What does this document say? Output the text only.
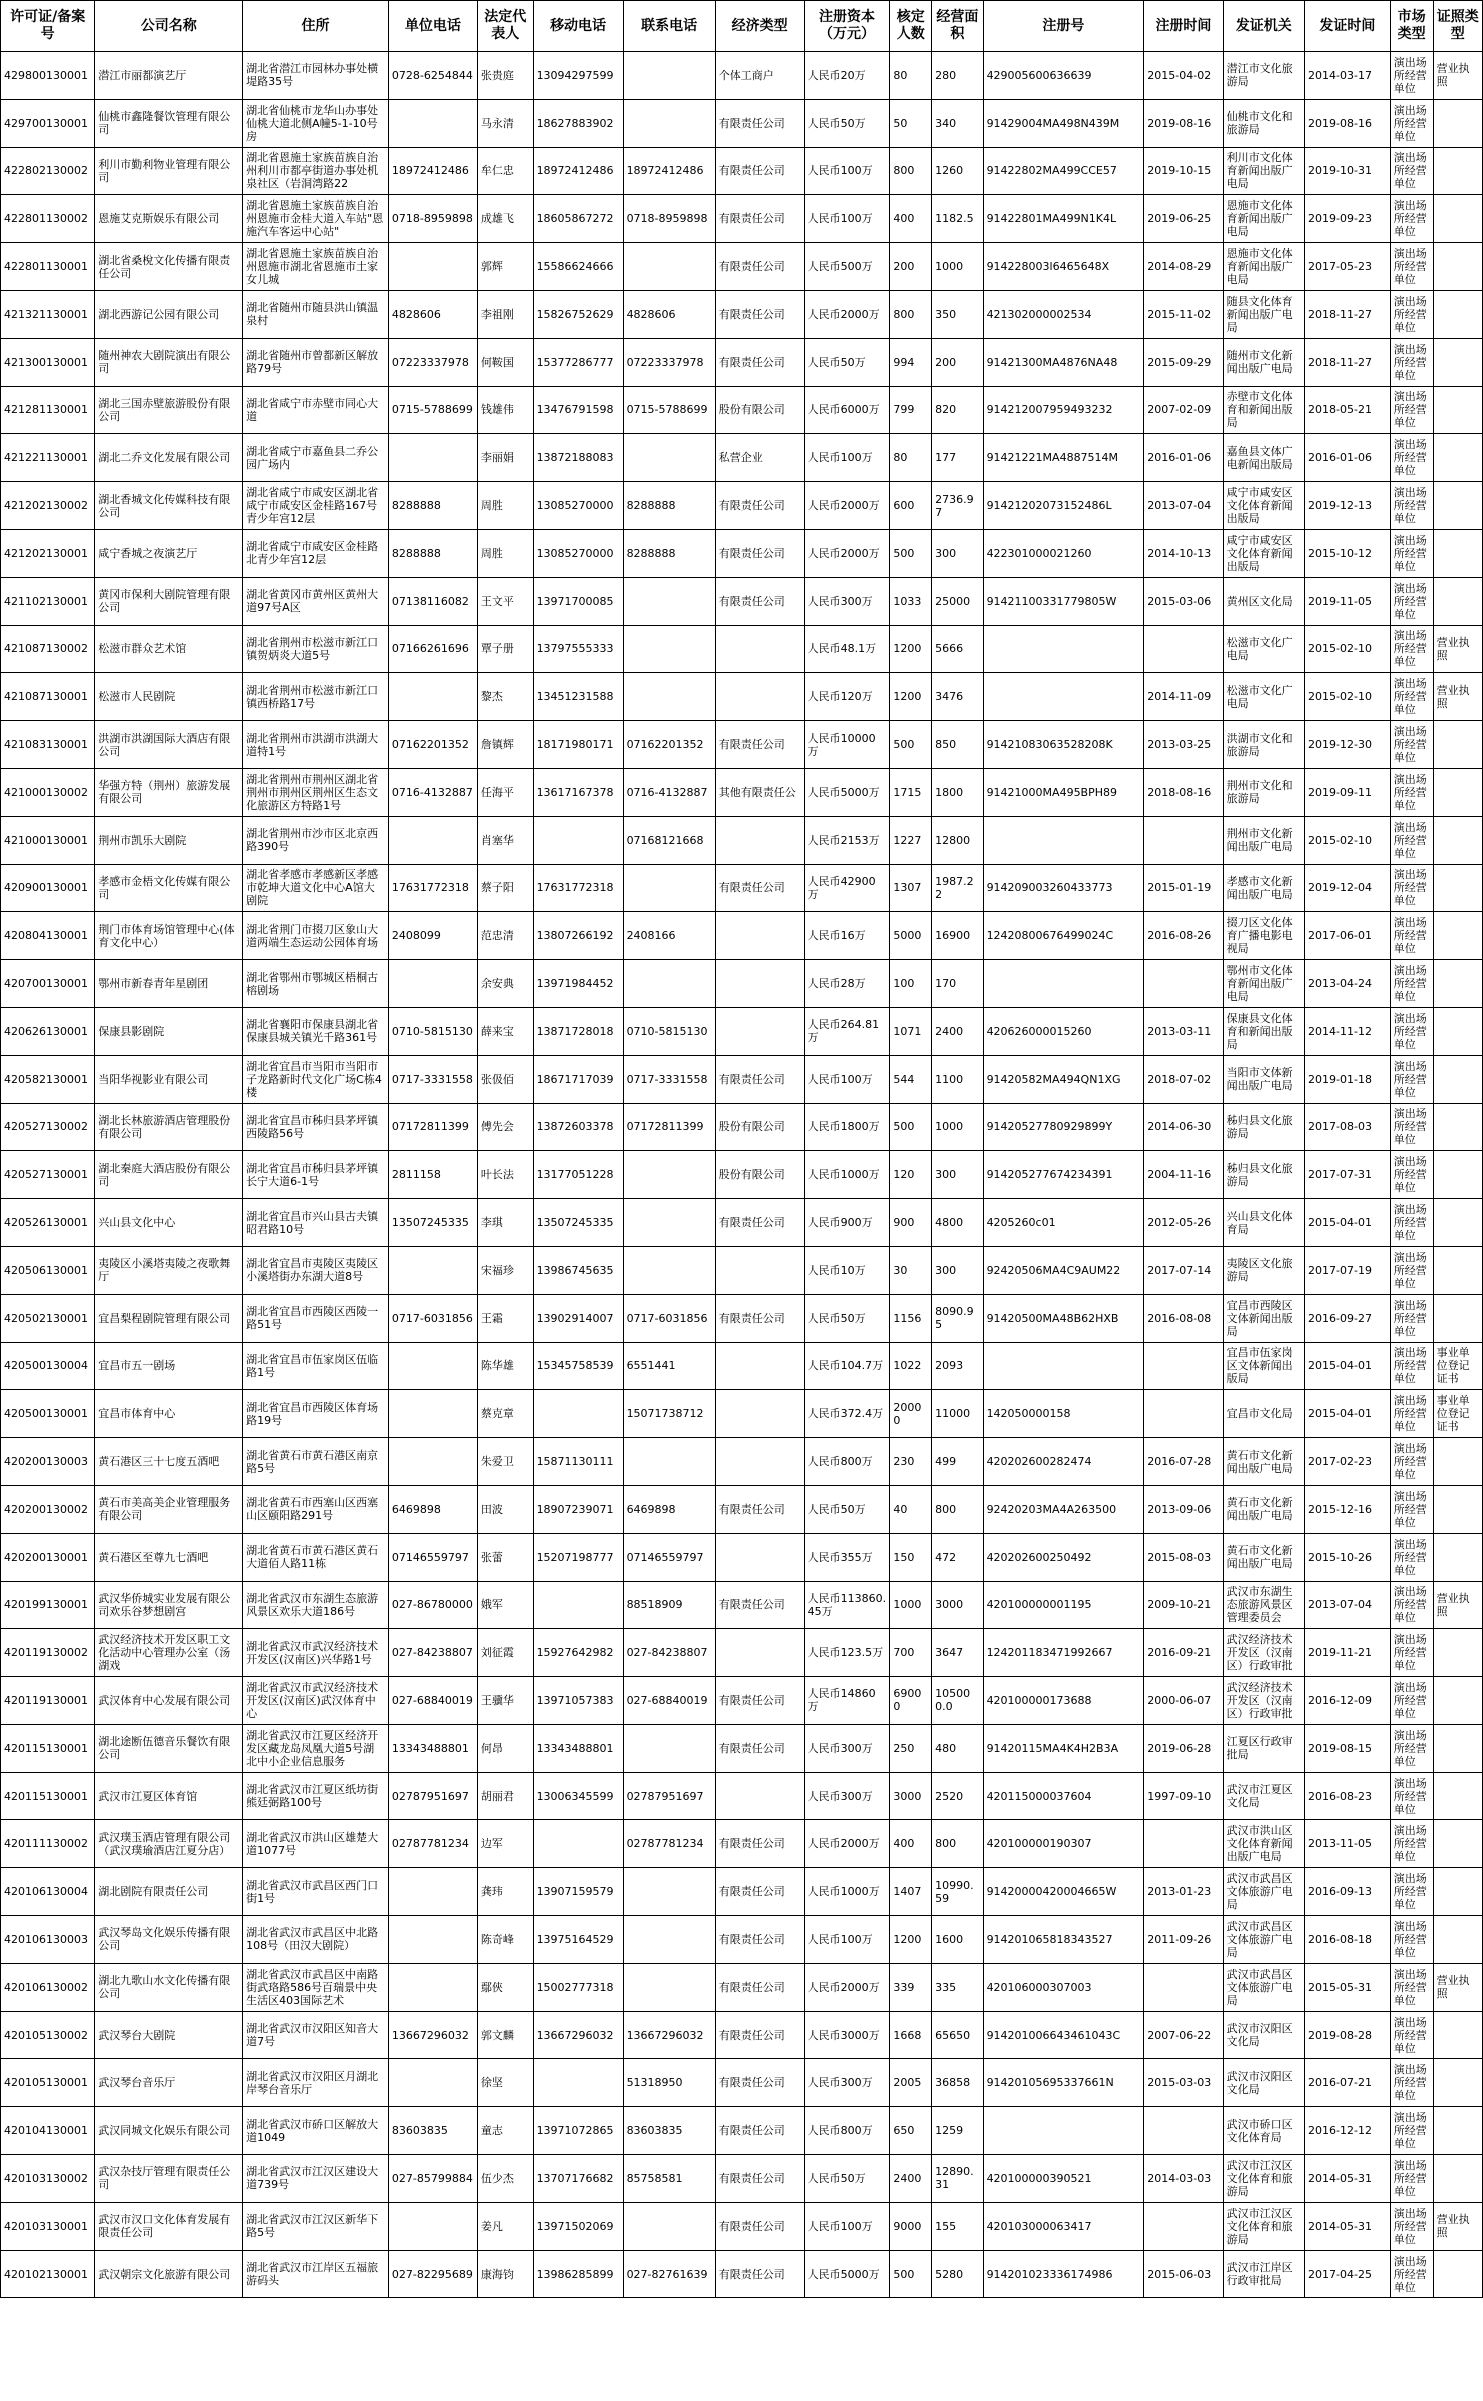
许可证/备案号	公司名称	住所	单位电话	法定代表人	移动电话	联系电话	经济类型	注册资本（万元）	核定人数	经营面积	注册号	注册时间	发证机关	发证时间	市场类型	证照类型
429800130001	潜江市丽都演艺厅	湖北省潜江市园林办事处横堤路35号	0728-6254844	张贵庭	13094297599		个体工商户	人民币20万	80	280	429005600636639	2015-04-02	潜江市文化旅游局	2014-03-17	演出场所经营单位	营业执照
429700130001	仙桃市鑫隆餐饮管理有限公司	湖北省仙桃市龙华山办事处仙桃大道北侧A幢5-1-10号房		马永清	18627883902		有限责任公司	人民币50万	50	340	91429004MA498N439M	2019-08-16	仙桃市文化和旅游局	2019-08-16	演出场所经营单位	
422802130002	利川市勤利物业管理有限公司	湖北省恩施土家族苗族自治州利川市都亭街道办事处机泉社区（岩洞湾路22	18972412486	牟仁忠	18972412486	18972412486	有限责任公司	人民币100万	800	1260	91422802MA499CCE57	2019-10-15	利川市文化体育新闻出版广电局	2019-10-31	演出场所经营单位	
422801130002	恩施艾克斯娱乐有限公司	湖北省恩施土家族苗族自治州恩施市金桂大道入车站"恩施汽车客运中心站"	0718-8959898	成雄飞	18605867272	0718-8959898	有限责任公司	人民币100万	400	1182.5	91422801MA499N1K4L	2019-06-25	恩施市文化体育新闻出版广电局	2019-09-23	演出场所经营单位	
422801130001	湖北省桑梲文化传播有限责任公司	湖北省恩施土家族苗族自治州恩施市湖北省恩施市土家女儿城		郭辉	15586624666		有限责任公司	人民币500万	200	1000	914228003l6465648X	2014-08-29	恩施市文化体育新闻出版广电局	2017-05-23	演出场所经营单位	
421321130001	湖北西游记公园有限公司	湖北省随州市随县洪山镇温泉村	4828606	李祖刚	15826752629	4828606	有限责任公司	人民币2000万	800	350	421302000002534	2015-11-02	随县文化体育新闻出版广电局	2018-11-27	演出场所经营单位	
421300130001	随州神农大剧院演出有限公司	湖北省随州市曾都新区解放路79号	07223337978	何鞍国	15377286777	07223337978	有限责任公司	人民币50万	994	200	91421300MA4876NA48	2015-09-29	随州市文化新闻出版广电局	2018-11-27	演出场所经营单位	
421281130001	湖北三国赤壁旅游股份有限公司	湖北省咸宁市赤壁市同心大道	0715-5788699	钱雄伟	13476791598	0715-5788699	股份有限公司	人民币6000万	799	820	91421200795949323​2	2007-02-09	赤壁市文化体育和新闻出版局	2018-05-21	演出场所经营单位	
421221130001	湖北二乔文化发展有限公司	湖北省咸宁市嘉鱼县二乔公园广场内		李丽娟	13872188083		私营企业	人民币100万	80	177	91421221MA4887514M	2016-01-06	嘉鱼县文体广电新闻出版局	2016-01-06	演出场所经营单位	
421202130002	湖北香城文化传媒科技有限公司	湖北省咸宁市咸安区湖北省咸宁市咸安区金桂路167号青少年宫12层	8288888	周胜	13085270000	8288888	有限责任公司	人民币2000万	600	2736.97	91421202073152486L	2013-07-04	咸宁市咸安区文化体育新闻出版局	2019-12-13	演出场所经营单位	
421202130001	咸宁香城之夜演艺厅	湖北省咸宁市咸安区金桂路北青少年宫12层	8288888	周胜	13085270000	8288888	有限责任公司	人民币2000万	500	300	422301000021260	2014-10-13	咸宁市咸安区文化体育新闻出版局	2015-10-12	演出场所经营单位	
421102130001	黄冈市保利大剧院管理有限公司	湖北省黄冈市黄州区黄州大道97号A区	07138116082	王文平	13971700085		有限责任公司	人民币300万	1033	25000	91421100331779805W	2015-03-06	黄州区文化局	2019-11-05	演出场所经营单位	
421087130002	松滋市群众艺术馆	湖北省荆州市松滋市新江口镇贺炳炎大道5号	07166261696	覃子册	13797555333			人民币48.1万	1200	5666			松滋市文化广电局	2015-02-10	演出场所经营单位	营业执照
421087130001	松滋市人民剧院	湖北省荆州市松滋市新江口镇西桥路17号		黎杰	13451231588			人民币120万	1200	3476		2014-11-09	松滋市文化广电局	2015-02-10	演出场所经营单位	营业执照
421083130001	洪湖市洪湖国际大酒店有限公司	湖北省荆州市洪湖市洪湖大道特1号	07162201352	詹镇辉	18171980171	07162201352	有限责任公司	人民币10000万	500	850	91421083063528208K	2013-03-25	洪湖市文化和旅游局	2019-12-30	演出场所经营单位	
421000130002	华强方特（荆州）旅游发展有限公司	湖北省荆州市荆州区湖北省荆州市荆州区荆州区生态文化旅游区方特路1号	0716-4132887	任海平	13617167378	0716-4132887	其他有限责任公	人民币5000万	1715	1800	91421000MA495BPH89	2018-08-16	荆州市文化和旅游局	2019-09-11	演出场所经营单位	
421000130001	荆州市凯乐大剧院	湖北省荆州市沙市区北京西路390号		肖塞华		07168121668		人民币2153万	1227	12800			荆州市文化新闻出版广电局	2015-02-10	演出场所经营单位	
420900130001	孝感市金梧文化传媒有限公司	湖北省孝感市孝感新区孝感市乾坤大道文化中心A馆大剧院	17631772318	蔡子阳	17631772318		有限责任公司	人民币42900万	1307	1987.22	91420900326043377​3	2015-01-19	孝感市文化新闻出版广电局	2019-12-04	演出场所经营单位	
420804130001	荆门市体育场馆管理中心(体育文化中心）	湖北省荆门市掇刀区象山大道两端生态运动公园体育场	2408099	范忠清	13807266192	2408166		人民币16万	5000	16900	12420800676499024C	2016-08-26	掇刀区文化体育广播电影电视局	2017-06-01	演出场所经营单位	
420700130001	鄂州市新春青年星剧团	湖北省鄂州市鄂城区梧桐古榕剧场		余安典	13971984452			人民币28万	100	170			鄂州市文化体育新闻出版广电局	2013-04-24	演出场所经营单位	
420626130001	保康县影剧院	湖北省襄阳市保康县湖北省保康县城关镇光千路361号	0710-5815130	薛来宝	13871728018	0710-5815130		人民币264.81万	1071	2400	420626000015260	2013-03-11	保康县文化体育和新闻出版局	2014-11-12	演出场所经营单位	
420582130001	当阳华视影业有限公司	湖北省宜昌市当阳市当阳市子龙路新时代文化广场C栋4楼	0717-3331558	张伋佰	18671717039	0717-3331558	有限责任公司	人民币100万	544	1100	91420582MA494QN1XG	2018-07-02	当阳市文体新闻出版广电局	2019-01-18	演出场所经营单位	
420527130002	湖北长林旅游酒店管理股份有限公司	湖北省宜昌市秭归县茅坪镇西陵路56号	07172811399	傅先会	13872603378	07172811399	股份有限公司	人民币1800万	500	1000	914205277809298​99Y	2014-06-30	秭归县文化旅游局	2017-08-03	演出场所经营单位	
420527130001	湖北秦庭大酒店股份有限公司	湖北省宜昌市秭归县茅坪镇长宁大道6-1号	2811158	叶长法	13177051228		股份有限公司	人民币1000万	120	300	914205277674234391	2004-11-16	秭归县文化旅游局	2017-07-31	演出场所经营单位	
420526130001	兴山县文化中心	湖北省宜昌市兴山县古夫镇昭君路10号	13507245335	李琪	13507245335		有限责任公司	人民币900万	900	4800	4205260c01	2012-05-26	兴山县文化体育局	2015-04-01	演出场所经营单位	
420506130001	夷陵区小溪塔夷陵之夜歌舞厅	湖北省宜昌市夷陵区夷陵区小溪塔街办东湖大道8号		宋福珍	13986745635			人民币10万	30	300	92420506MA4C9AUM22	2017-07-14	夷陵区文化旅游局	2017-07-19	演出场所经营单位	
420502130001	宜昌梨程剧院管理有限公司	湖北省宜昌市西陵区西陵一路51号	0717-6031856	王霜	13902914007	0717-6031856	有限责任公司	人民币50万	1156	8090.95	91420500MA48B62HXB	2016-08-08	宜昌市西陵区文体新闻出版局	2016-09-27	演出场所经营单位	
420500130004	宜昌市五一剧场	湖北省宜昌市伍家岗区伍临路1号		陈华雄	15345758539	6551441		人民币104.7万	1022	2093			宜昌市伍家岗区文体新闻出版局	2015-04-01	演出场所经营单位	事业单位登记证书
420500130001	宜昌市体育中心	湖北省宜昌市西陵区体育场路19号		蔡克章		15071738712		人民币372.4万	20000	11000	142050000158		宜昌市文化局	2015-04-01	演出场所经营单位	事业单位登记证书
420200130003	黄石港区三十七度五酒吧	湖北省黄石市黄石港区南京路5号		朱爱卫	15871130111			人民币800万	230	499	420202600282474	2016-07-28	黄石市文化新闻出版广电局	2017-02-23	演出场所经营单位	
420200130002	黄石市美高美企业管理服务有限公司	湖北省黄石市西塞山区西塞山区颐阳路291号	6469898	田波	18907239071	6469898	有限责任公司	人民币50万	40	800	92420203MA4A263500	2013-09-06	黄石市文化新闻出版广电局	2015-12-16	演出场所经营单位	
420200130001	黄石港区至尊九七酒吧	湖北省黄石市黄石港区黄石大道佰人路11栋	07146559797	张蕾	15207198777	07146559797		人民币355万	150	472	420202600250492	2015-08-03	黄石市文化新闻出版广电局	2015-10-26	演出场所经营单位	
420199130001	武汉华侨城实业发展有限公司欢乐谷梦想剧宫	湖北省武汉市东湖生态旅游风景区欢乐大道186号	027-86780000	娥军		88518909	有限责任公司	人民币113860.45万	1000	3000	420100000001195	2009-10-21	武汉市东湖生态旅游风景区管理委员会	2013-07-04	演出场所经营单位	营业执照
420119130002	武汉经济技术开发区职工文化活动中心管理办公室（汤湖戏	湖北省武汉市武汉经济技术开发区(汉南区)兴华路1号	027-84238807	刘征霞	15927642982	027-84238807		人民币123.5万	700	3647	12420118347199266​7	2016-09-21	武汉经济技术开发区（汉南区）行政审批	2019-11-21	演出场所经营单位	
420119130001	武汉体育中心发展有限公司	湖北省武汉市武汉经济技术开发区(汉南区)武汉体育中心	027-68840019	王骥华	13971057383	027-68840019	有限责任公司	人民币14860万	69000	105000.0	420100000173688	2000-06-07	武汉经济技术开发区（汉南区）行政审批	2016-12-09	演出场所经营单位	
420115130001	湖北途断伍德音乐餐饮有限公司	湖北省武汉市江夏区经济开发区藏龙岛凤凰大道5号湖北中小企业信息服务	13343488801	何昂	13343488801		有限责任公司	人民币300万	250	480	91420115MA4K4H2B3A	2019-06-28	江夏区行政审批局	2019-08-15	演出场所经营单位	
420115130001	武汉市江夏区体育馆	湖北省武汉市江夏区纸坊街熊廷弼路100号	02787951697	胡丽君	13006345599	02787951697		人民币300万	3000	2520	420115000037604	1997-09-10	武汉市江夏区文化局	2016-08-23	演出场所经营单位	
420111130002	武汉璞玉酒店管理有限公司（武汉璞瑜酒店江夏分店）	湖北省武汉市洪山区雄楚大道1077号	02787781234	边军		02787781234	有限责任公司	人民币2000万	400	800	420100000190307		武汉市洪山区文化体育新闻出版广电局	2013-11-05	演出场所经营单位	
420106130004	湖北剧院有限责任公司	湖北省武汉市武昌区西门口街1号		龚玮	13907159579		有限责任公司	人民币1000万	1407	10990.59	91420000420004665W	2013-01-23	武汉市武昌区文体旅游广电局	2016-09-13	演出场所经营单位	
420106130003	武汉琴岛文化娱乐传播有限公司	湖北省武汉市武昌区中北路108号（田汉大剧院）		陈奇峰	13975164529		有限责任公司	人民币100万	1200	1600	91420106581834352​7	2011-09-26	武汉市武昌区文体旅游广电局	2016-08-18	演出场所经营单位	
420106130002	湖北九歌山水文化传播有限公司	湖北省武汉市武昌区中南路街武珞路586号百瑞景中央生活区403国际艺术		鄢俠	15002777318		有限责任公司	人民币2000万	339	335	420106000307003		武汉市武昌区文体旅游广电局	2015-05-31	演出场所经营单位	营业执照
420105130002	武汉琴台大剧院	湖北省武汉市汉阳区知音大道7号	13667296032	郭文麟	13667296032	13667296032	有限责任公司	人民币3000万	1668	65650	91420100664346104​3C	2007-06-22	武汉市汉阳区文化局	2019-08-28	演出场所经营单位	
420105130001	武汉琴台音乐厅	湖北省武汉市汉阳区月湖北岸琴台音乐厅		徐坚		51318950	有限责任公司	人民币300万	2005	36858	91420105695337661N	2015-03-03	武汉市汉阳区文化局	2016-07-21	演出场所经营单位	
420104130001	武汉同城文化娱乐有限公司	湖北省武汉市硚口区解放大道1049	83603835	童志	13971072865	83603835	有限责任公司	人民币800万	650	1259			武汉市硚口区文化体育局	2016-12-12	演出场所经营单位	
420103130002	武汉杂技厅管理有限责任公司	湖北省武汉市江汉区建设大道739号	027-85799884	伍少杰	13707176682	85758581	有限责任公司	人民币50万	2400	12890.31	420100000390521	2014-03-03	武汉市江汉区文化体育和旅游局	2014-05-31	演出场所经营单位	
420103130001	武汉市汉口文化体育发展有限责任公司	湖北省武汉市江汉区新华下路5号		姜凡	13971502069		有限责任公司	人民币100万	9000	155	420103000063417		武汉市江汉区文化体育和旅游局	2014-05-31	演出场所经营单位	营业执照
420102130001	武汉朝宗文化旅游有限公司	湖北省武汉市江岸区五福旅游码头	027-82295689	康海钧	13986285899	027-82761639	有限责任公司	人民币5000万	500	5280	91420102333617498​6	2015-06-03	武汉市江岸区行政审批局	2017-04-25	演出场所经营单位	
